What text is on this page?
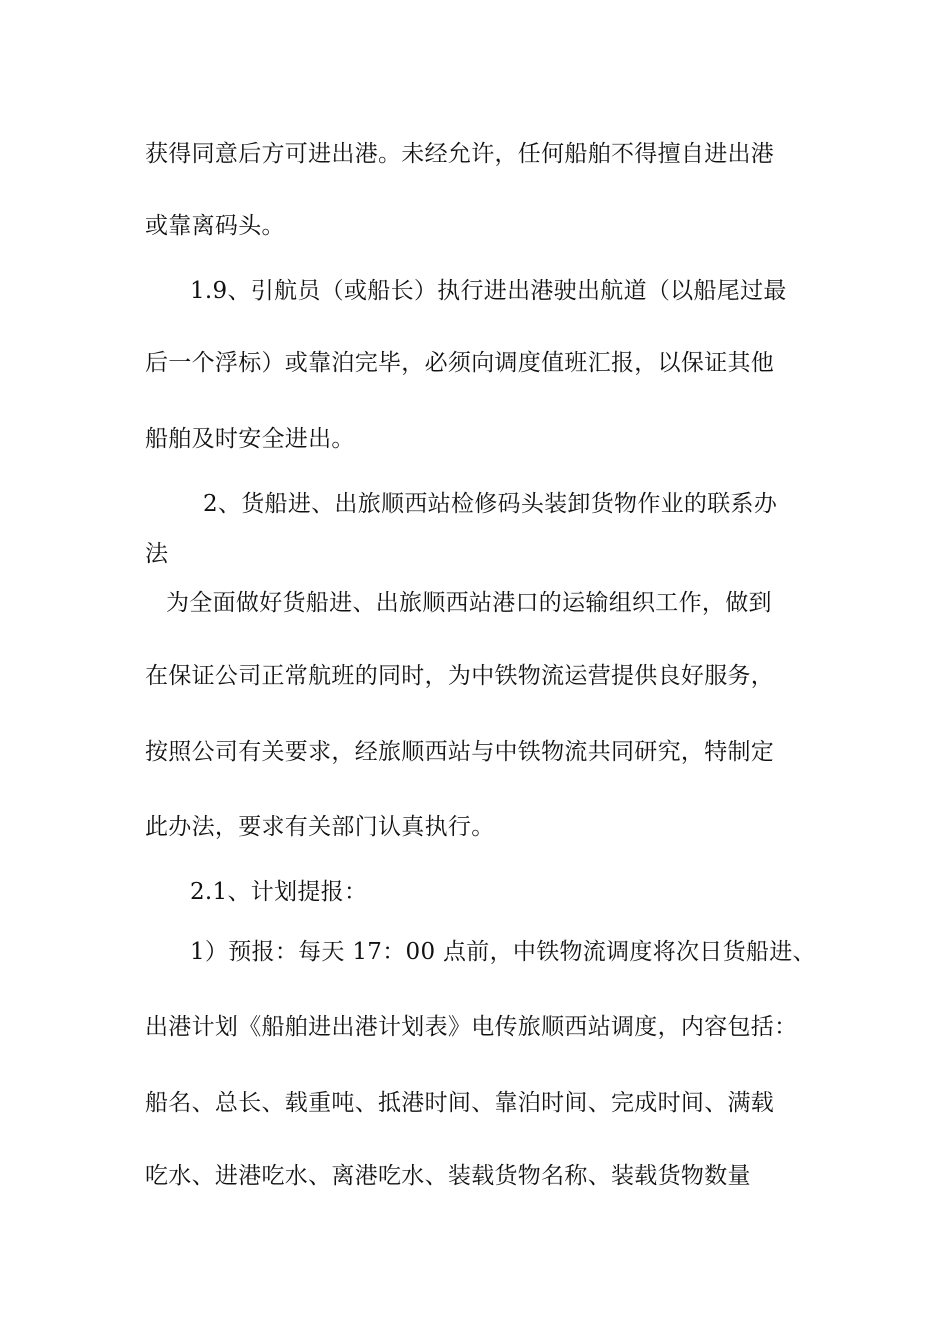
获得同意后方可进出港。未经允许，任何船舶不得擅自进出港
或靠离码头。
1.9、引航员（或船长）执行进出港驶出航道（以船尾过最
后一个浮标）或靠泊完毕，必须向调度值班汇报，以保证其他
船舶及时安全进出。
2、货船进、出旅顺西站检修码头装卸货物作业的联系办
法
为全面做好货船进、出旅顺西站港口的运输组织工作，做到
在保证公司正常航班的同时，为中铁物流运营提供良好服务，
按照公司有关要求，经旅顺西站与中铁物流共同研究，特制定
此办法，要求有关部门认真执行。
2.1、计划提报：
1）预报：每天 17：00 点前，中铁物流调度将次日货船进、
出港计划《船舶进出港计划表》电传旅顺西站调度，内容包括：
船名、总长、载重吨、抵港时间、靠泊时间、完成时间、满载
吃水、进港吃水、离港吃水、装载货物名称、装载货物数量
